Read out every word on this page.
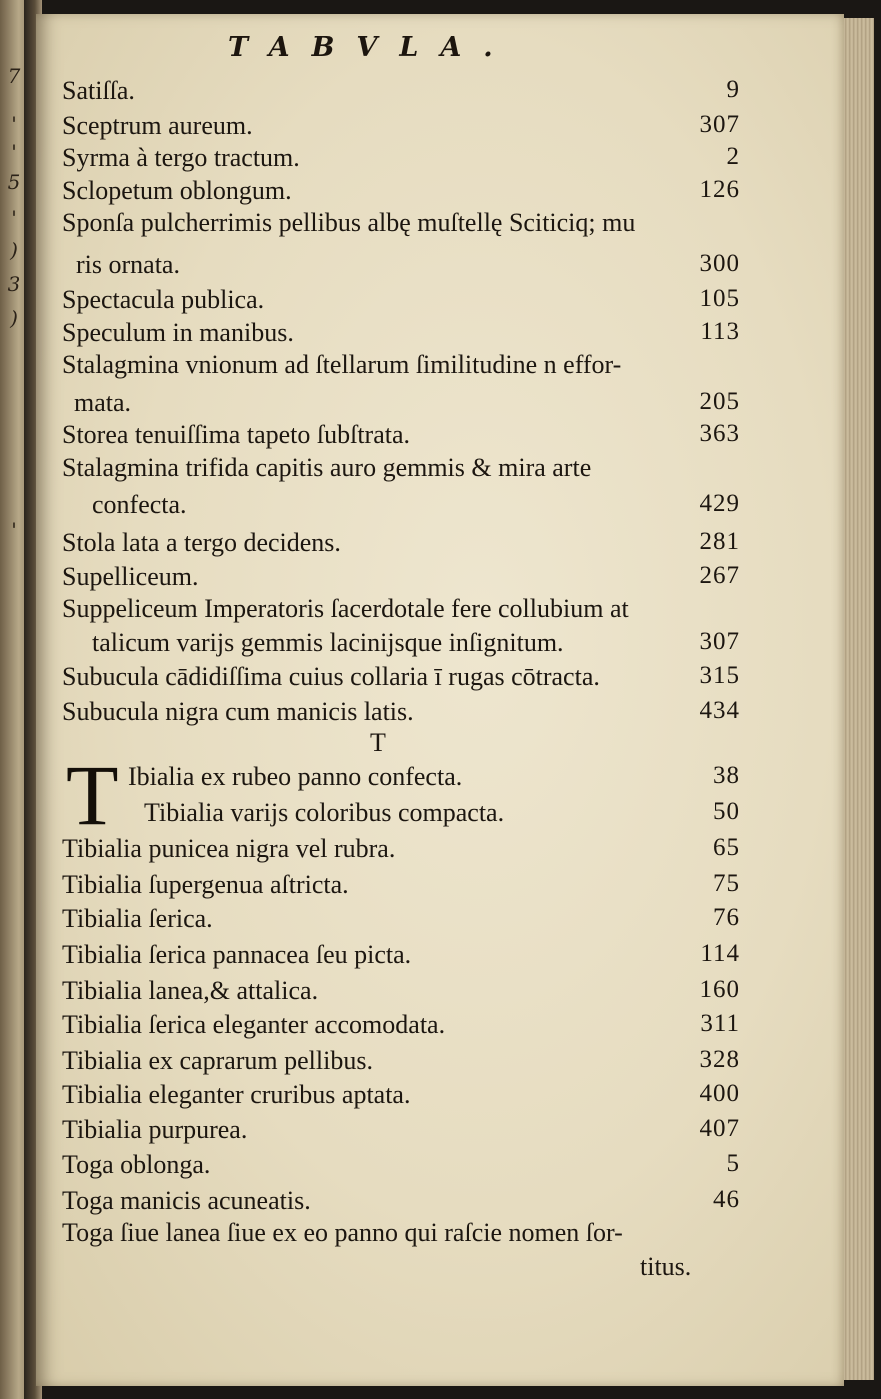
7
'
'
5
'
)
3
)
'
TABVLA.
Satiſſa.	9
Sceptrum aureum.	307
Syrma à tergo tractum.	2
Sclopetum oblongum.	126
Sponſa pulcherrimis pellibus albę muſtellę Sciticiq; mu
ris ornata.	300
Spectacula publica.	105
Speculum in manibus.	113
Stalagmina vnionum ad ſtellarum ſimilitudine n effor-
mata.	205
Storea tenuiſſima tapeto ſubſtrata.	363
Stalagmina trifida capitis auro gemmis & mira arte
confecta.	429
Stola lata a tergo decidens.	281
Supelliceum.	267
Suppeliceum Imperatoris ſacerdotale fere collubium at
talicum varijs gemmis lacinijsque inſignitum.	307
Subucula cādidiſſima cuius collaria ī rugas cōtracta.	315
Subucula nigra cum manicis latis.	434
Ibialia ex rubeo panno confecta.	38
Tibialia varijs coloribus compacta.	50
Tibialia punicea nigra vel rubra.	65
Tibialia ſupergenua aſtricta.	75
Tibialia ſerica.	76
Tibialia ſerica pannacea ſeu picta.	114
Tibialia lanea,& attalica.	160
Tibialia ſerica eleganter accomodata.	311
Tibialia ex caprarum pellibus.	328
Tibialia eleganter cruribus aptata.	400
Tibialia purpurea.	407
Toga oblonga.	5
Toga manicis acuneatis.	46
Toga ſiue lanea ſiue ex eo panno qui raſcie nomen ſor-
titus.
T
T
